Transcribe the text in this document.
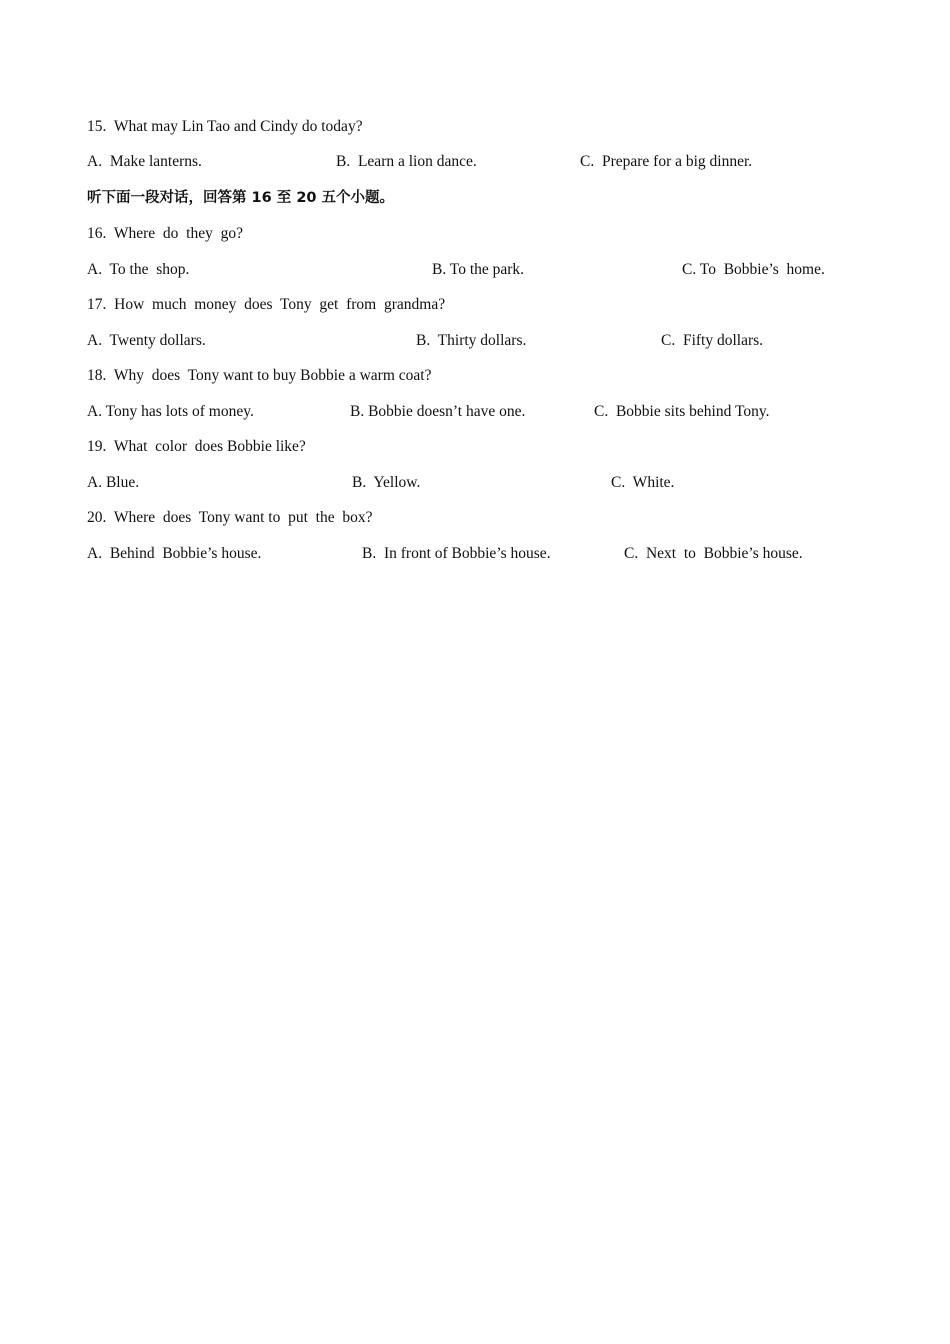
15.  What may Lin Tao and Cindy do today?
A.  Make lanterns.	B.  Learn a lion dance.	C.  Prepare for a big dinner.
听下面一段对话，回答第 16 至 20 五个小题。
16.  Where  do  they  go?
A.  To the  shop.	B. To the park.	C. To  Bobbie’s  home.
17.  How  much  money  does  Tony  get  from  grandma?
A.  Twenty dollars.	B.  Thirty dollars.	C.  Fifty dollars.
18.  Why  does  Tony want to buy Bobbie a warm coat?
A. Tony has lots of money.	B. Bobbie doesn’t have one.	C.  Bobbie sits behind Tony.
19.  What  color  does Bobbie like?
A. Blue.	B.  Yellow.	C.  White.
20.  Where  does  Tony want to  put  the  box?
A.  Behind  Bobbie’s house.	B.  In front of Bobbie’s house.	C.  Next  to  Bobbie’s house.
